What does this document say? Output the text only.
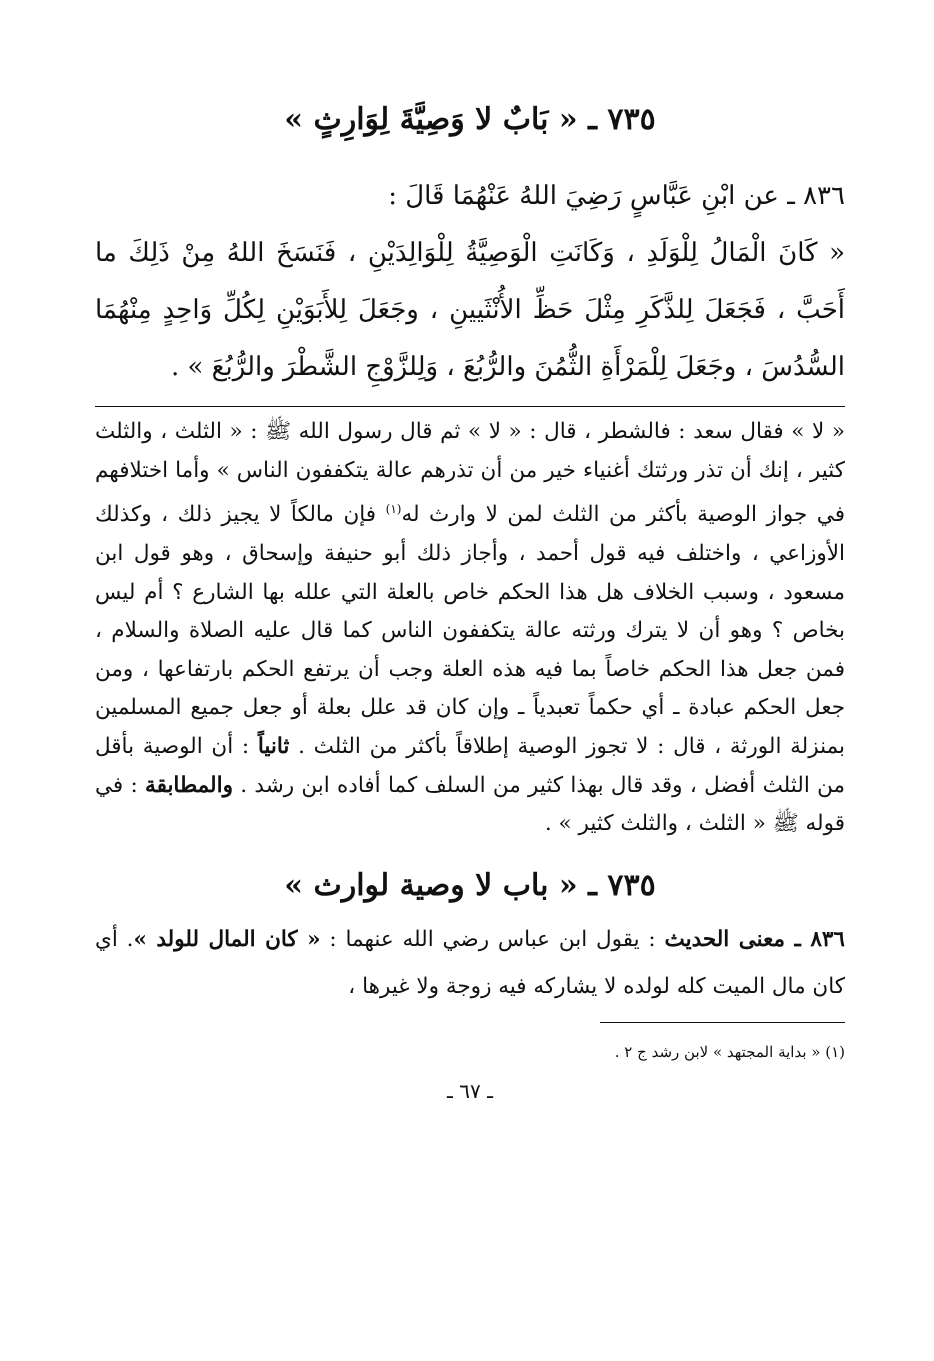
٧٣٥ ـ « بَابٌ لا وَصِيَّةَ لِوَارِثٍ »

٨٣٦ ـ عن ابْنِ عَبَّاسٍ رَضِيَ اللهُ عَنْهُمَا قَالَ :

« كَانَ الْمَالُ لِلْوَلَدِ ، وَكَانَتِ الْوَصِيَّةُ لِلْوَالِدَيْنِ ، فَنَسَخَ اللهُ مِنْ ذَلِكَ ما أَحَبَّ ، فَجَعَلَ لِلذَّكَرِ مِثْلَ حَظِّ الأُنْثَيينِ ، وجَعَلَ لِلأَبَوَيْنِ لِكُلِّ وَاحِدٍ مِنْهُمَا السُّدُسَ ، وجَعَلَ لِلْمَرْأَةِ الثُّمُنَ والرُّبُعَ ، وَلِلزَّوْجِ الشَّطْرَ والرُّبُعَ » .

« لا » فقال سعد : فالشطر ، قال : « لا » ثم قال رسول الله ﷺ : « الثلث ، والثلث كثير ، إنك أن تذر ورثتك أغنياء خير من أن تذرهم عالة يتكففون الناس » وأما اختلافهم في جواز الوصية بأكثر من الثلث لمن لا وارث له$^{(١)}$ فإن مالكاً لا يجيز ذلك ، وكذلك الأوزاعي ، واختلف فيه قول أحمد ، وأجاز ذلك أبو حنيفة وإسحاق ، وهو قول ابن مسعود ، وسبب الخلاف هل هذا الحكم خاص بالعلة التي علله بها الشارع ؟ أم ليس بخاص ؟ وهو أن لا يترك ورثته عالة يتكففون الناس كما قال عليه الصلاة والسلام ، فمن جعل هذا الحكم خاصاً بما فيه هذه العلة وجب أن يرتفع الحكم بارتفاعها ، ومن جعل الحكم عبادة ـ أي حكماً تعبدياً ـ وإن كان قد علل بعلة أو جعل جميع المسلمين بمنزلة الورثة ، قال : لا تجوز الوصية إطلاقاً بأكثر من الثلث . ثانياً : أن الوصية بأقل من الثلث أفضل ، وقد قال بهذا كثير من السلف كما أفاده ابن رشد . والمطابقة : في قوله ﷺ « الثلث ، والثلث كثير » .

٧٣٥ ـ « باب لا وصية لوارث »

٨٣٦ ـ معنى الحديث : يقول ابن عباس رضي الله عنهما : « كان المال للولد ». أي كان مال الميت كله لولده لا يشاركه فيه زوجة ولا غيرها ،

(١) « بداية المجتهد » لابن رشد ج ٢ .

ـ ٦٧ ـ
